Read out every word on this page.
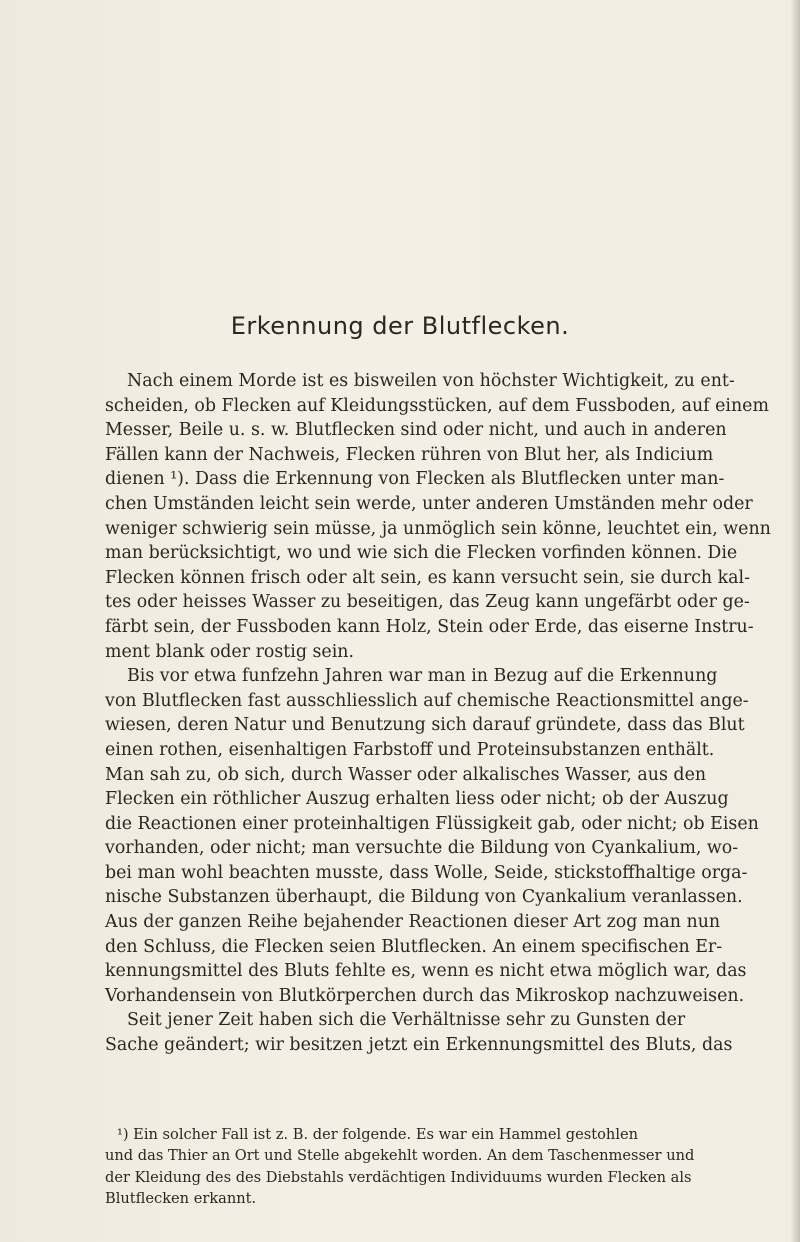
Erkennung der Blutflecken.
Nach einem Morde ist es bisweilen von höchster Wichtigkeit, zu ent-
scheiden, ob Flecken auf Kleidungsstücken, auf dem Fussboden, auf einem
Messer, Beile u. s. w. Blutflecken sind oder nicht, und auch in anderen
Fällen kann der Nachweis, Flecken rühren von Blut her, als Indicium
dienen ¹). Dass die Erkennung von Flecken als Blutflecken unter man-
chen Umständen leicht sein werde, unter anderen Umständen mehr oder
weniger schwierig sein müsse, ja unmöglich sein könne, leuchtet ein, wenn
man berücksichtigt, wo und wie sich die Flecken vorfinden können. Die
Flecken können frisch oder alt sein, es kann versucht sein, sie durch kal-
tes oder heisses Wasser zu beseitigen, das Zeug kann ungefärbt oder ge-
färbt sein, der Fussboden kann Holz, Stein oder Erde, das eiserne Instru-
ment blank oder rostig sein.
Bis vor etwa funfzehn Jahren war man in Bezug auf die Erkennung
von Blutflecken fast ausschliesslich auf chemische Reactionsmittel ange-
wiesen, deren Natur und Benutzung sich darauf gründete, dass das Blut
einen rothen, eisenhaltigen Farbstoff und Proteinsubstanzen enthält.
Man sah zu, ob sich, durch Wasser oder alkalisches Wasser, aus den
Flecken ein röthlicher Auszug erhalten liess oder nicht; ob der Auszug
die Reactionen einer proteinhaltigen Flüssigkeit gab, oder nicht; ob Eisen
vorhanden, oder nicht; man versuchte die Bildung von Cyankalium, wo-
bei man wohl beachten musste, dass Wolle, Seide, stickstoffhaltige orga-
nische Substanzen überhaupt, die Bildung von Cyankalium veranlassen.
Aus der ganzen Reihe bejahender Reactionen dieser Art zog man nun
den Schluss, die Flecken seien Blutflecken. An einem specifischen Er-
kennungsmittel des Bluts fehlte es, wenn es nicht etwa möglich war, das
Vorhandensein von Blutkörperchen durch das Mikroskop nachzuweisen.
Seit jener Zeit haben sich die Verhältnisse sehr zu Gunsten der
Sache geändert; wir besitzen jetzt ein Erkennungsmittel des Bluts, das
¹) Ein solcher Fall ist z. B. der folgende. Es war ein Hammel gestohlen
und das Thier an Ort und Stelle abgekehlt worden. An dem Taschenmesser und
der Kleidung des des Diebstahls verdächtigen Individuums wurden Flecken als
Blutflecken erkannt.
